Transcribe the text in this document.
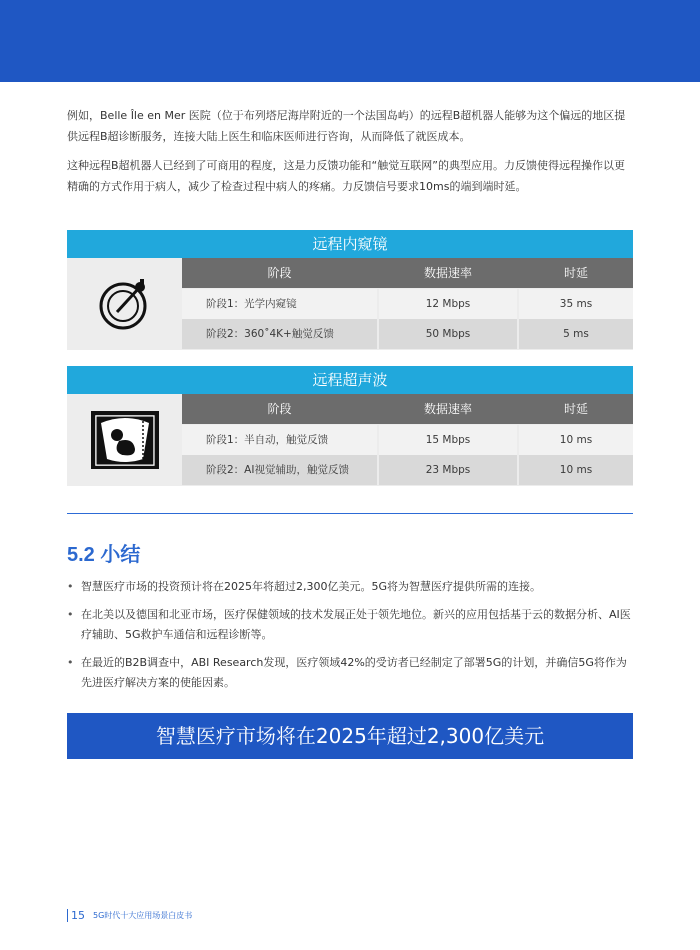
例如，Belle Île en Mer 医院（位于布列塔尼海岸附近的一个法国岛屿）的远程B超机器人能够为这个偏远的地区提供远程B超诊断服务，连接大陆上医生和临床医师进行咨询，从而降低了就医成本。

这种远程B超机器人已经到了可商用的程度，这是力反馈功能和“触觉互联网”的典型应用。力反馈使得远程操作以更精确的方式作用于病人，减少了检查过程中病人的疼痛。力反馈信号要求10ms的端到端时延。

远程内窥镜
阶段	数据速率	时延
阶段1：光学内窥镜	12 Mbps	35 ms
阶段2：360˚4K+触觉反馈	50 Mbps	5 ms
远程超声波
阶段	数据速率	时延
阶段1：半自动，触觉反馈	15 Mbps	10 ms
阶段2：AI视觉辅助，触觉反馈	23 Mbps	10 ms
5.2 小结
• 智慧医疗市场的投资预计将在2025年将超过2,300亿美元。5G将为智慧医疗提供所需的连接。
• 在北美以及德国和北亚市场，医疗保健领域的技术发展正处于领先地位。新兴的应用包括基于云的数据分析、AI医疗辅助、5G救护车通信和远程诊断等。
• 在最近的B2B调查中，ABI Research发现，医疗领域42%的受访者已经制定了部署5G的计划，并确信5G将作为先进医疗解决方案的使能因素。
智慧医疗市场将在2025年超过2,300亿美元
15 5G时代十大应用场景白皮书
